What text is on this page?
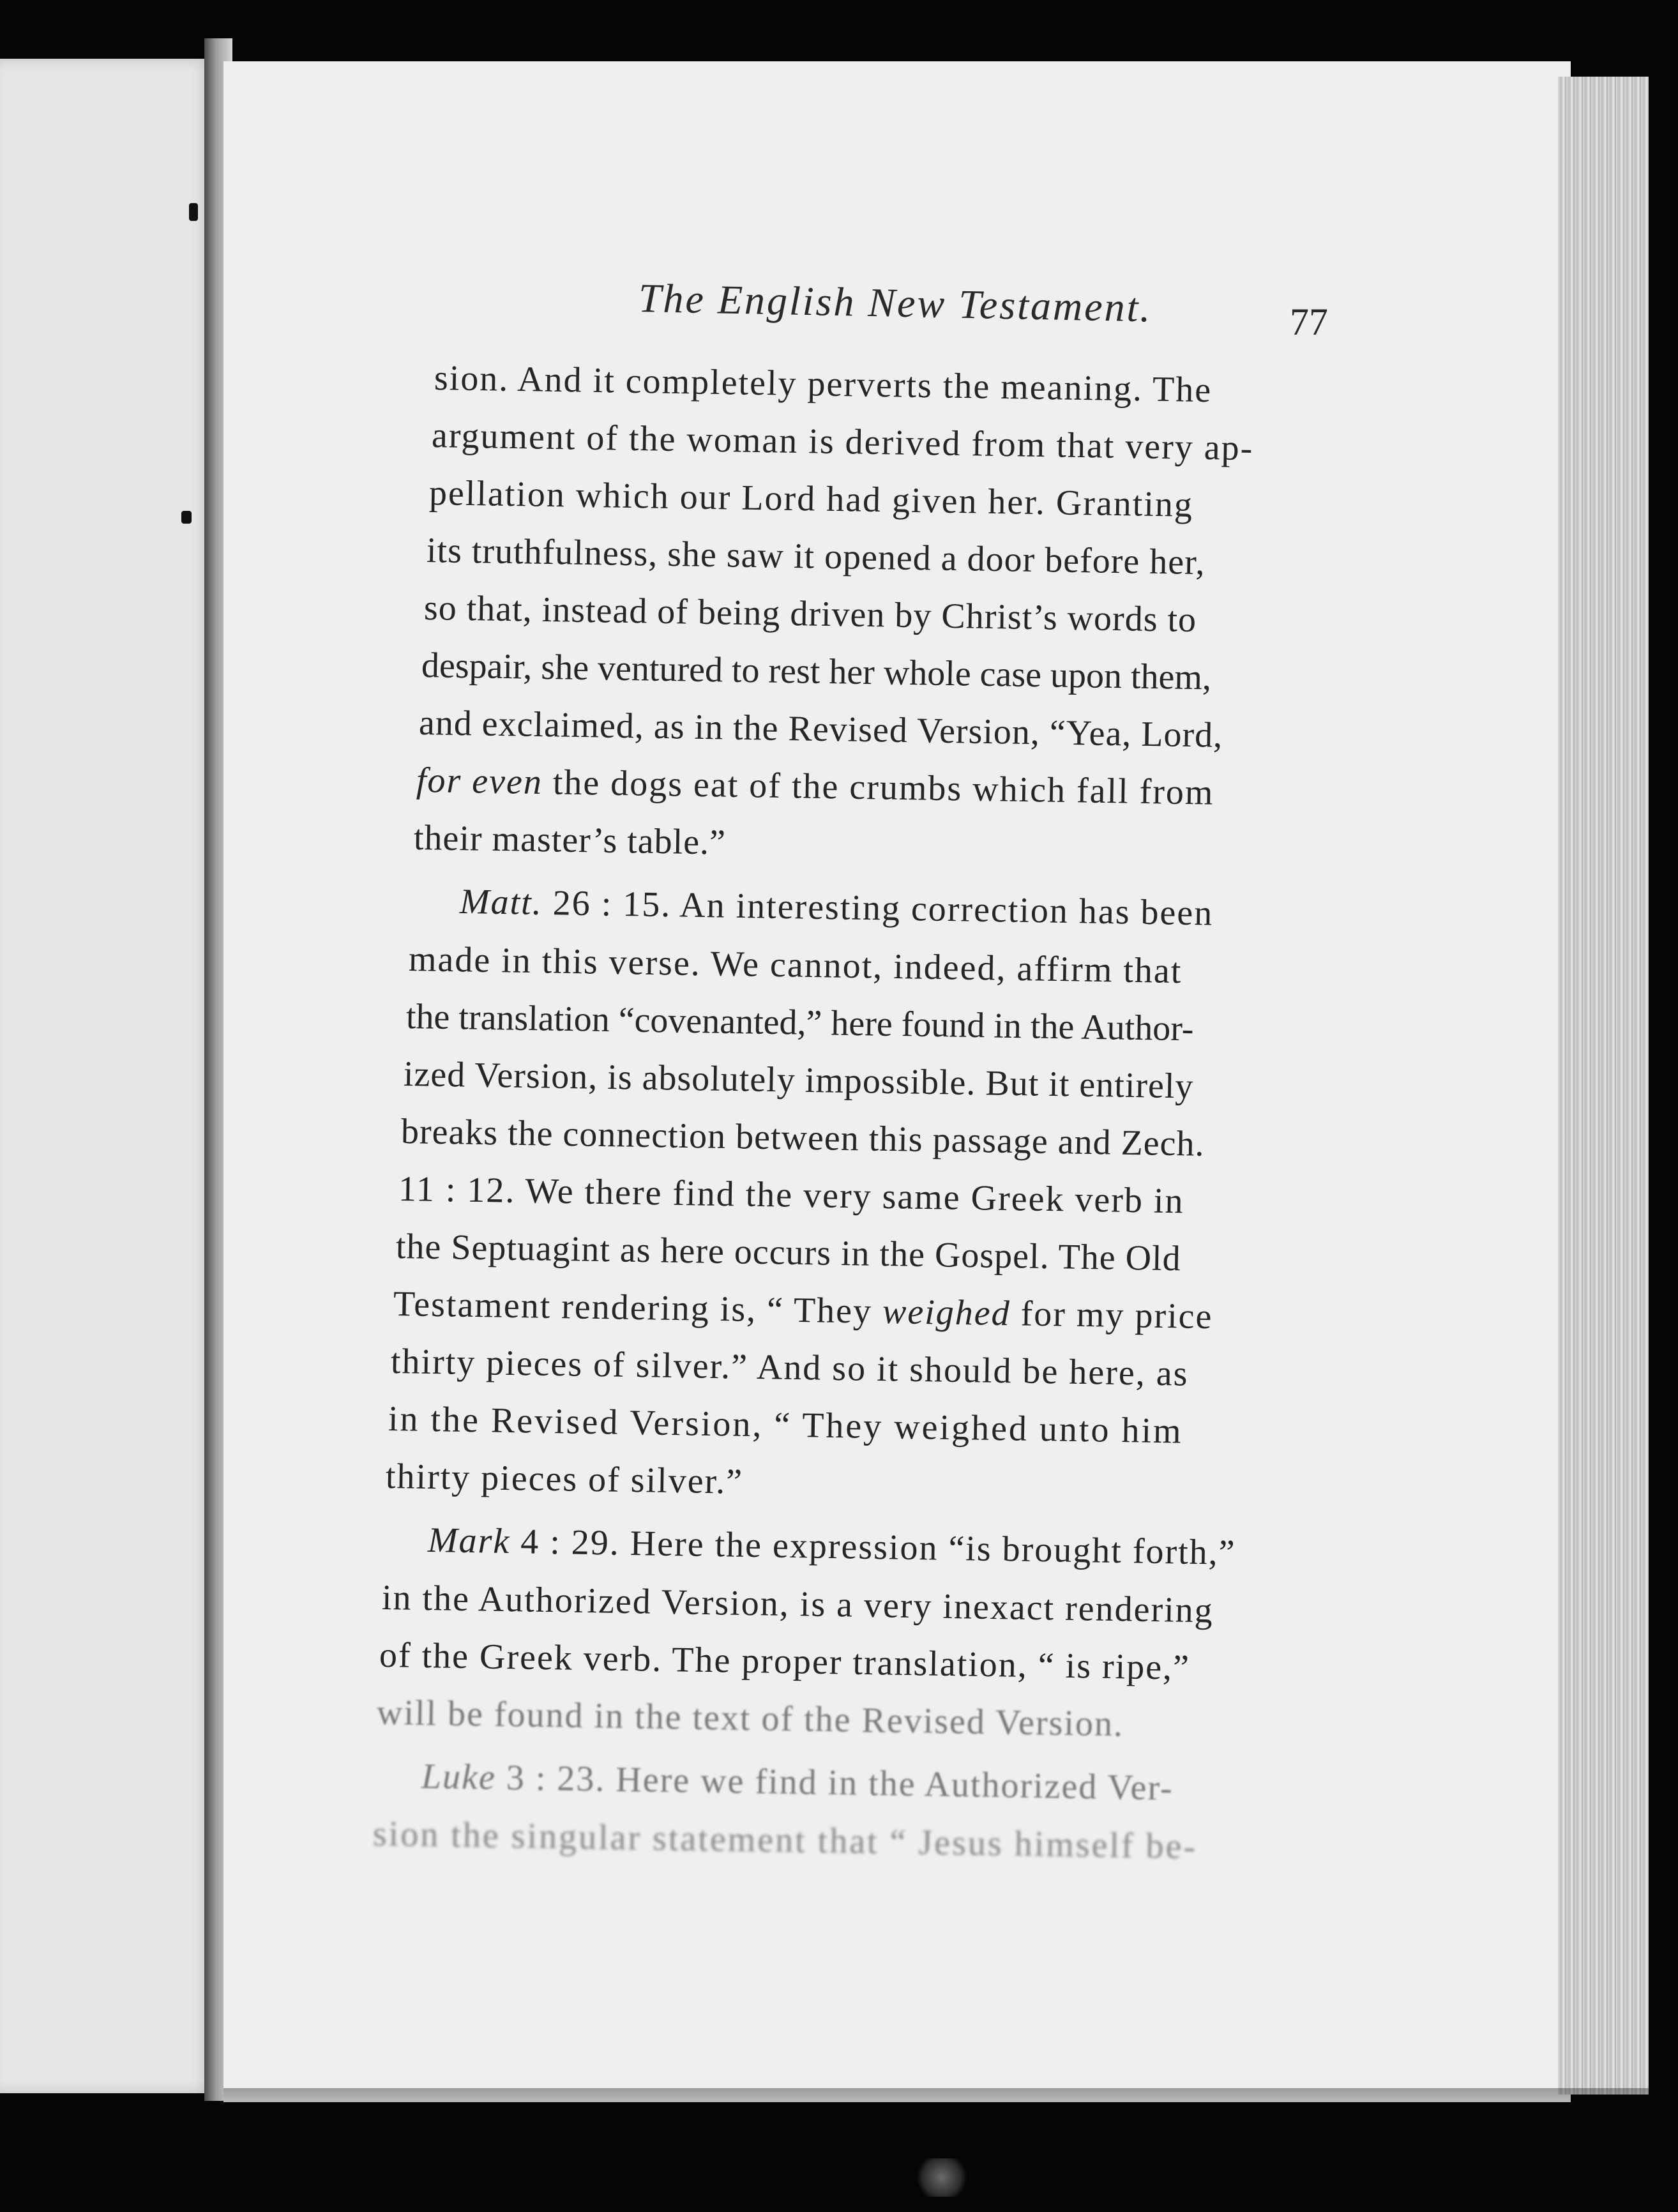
The English New Testament.	77
sion. And it completely perverts the meaning. The
argument of the woman is derived from that very ap-
pellation which our Lord had given her. Granting
its truthfulness, she saw it opened a door before her,
so that, instead of being driven by Christ’s words to
despair, she ventured to rest her whole case upon them,
and exclaimed, as in the Revised Version, “Yea, Lord,
for even the dogs eat of the crumbs which fall from
their master’s table.”
Matt. 26 : 15. An interesting correction has been
made in this verse. We cannot, indeed, affirm that
the translation “covenanted,” here found in the Author-
ized Version, is absolutely impossible. But it entirely
breaks the connection between this passage and Zech.
11 : 12. We there find the very same Greek verb in
the Septuagint as here occurs in the Gospel. The Old
Testament rendering is, “ They weighed for my price
thirty pieces of silver.” And so it should be here, as
in the Revised Version, “ They weighed unto him
thirty pieces of silver.”
Mark 4 : 29. Here the expression “is brought forth,”
in the Authorized Version, is a very inexact rendering
of the Greek verb. The proper translation, “ is ripe,”
will be found in the text of the Revised Version.
Luke 3 : 23. Here we find in the Authorized Ver-
sion the singular statement that “ Jesus himself be-
